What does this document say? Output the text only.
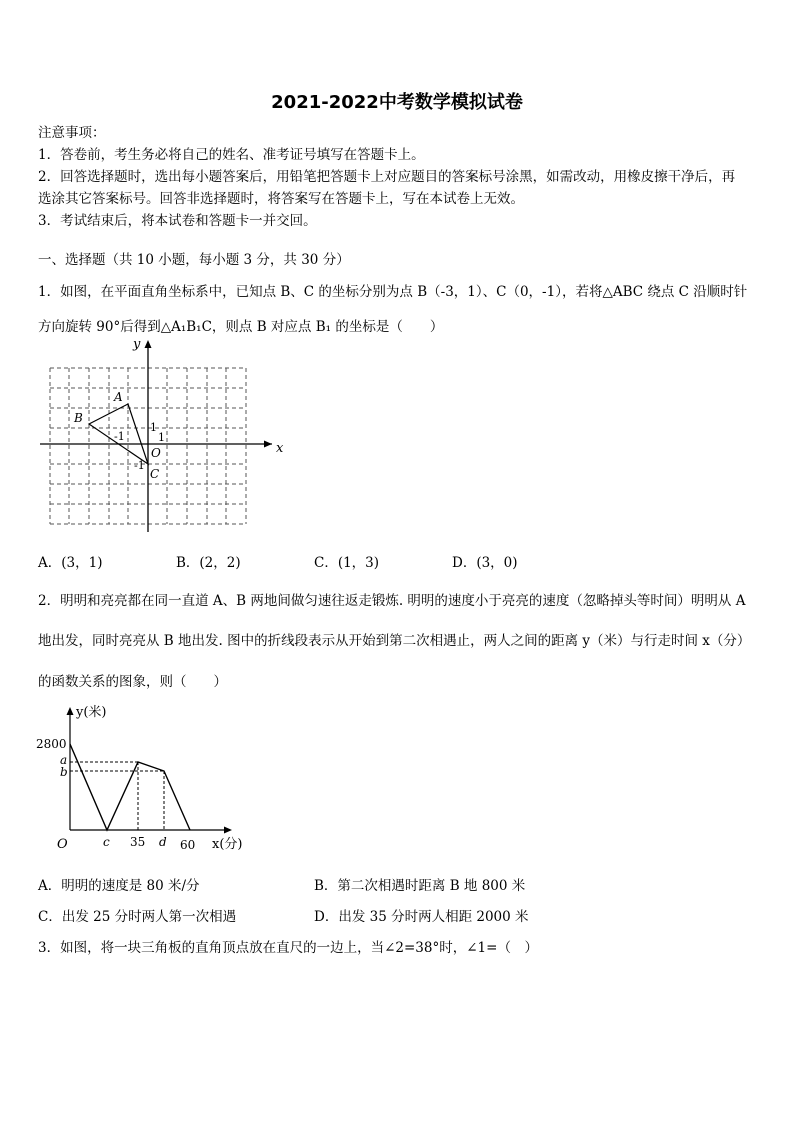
2021-2022中考数学模拟试卷
注意事项：
1．答卷前，考生务必将自己的姓名、准考证号填写在答题卡上。
2．回答选择题时，选出每小题答案后，用铅笔把答题卡上对应题目的答案标号涂黑，如需改动，用橡皮擦干净后，再
选涂其它答案标号。回答非选择题时，将答案写在答题卡上，写在本试卷上无效。
3．考试结束后，将本试卷和答题卡一并交回。
一、选择题（共 10 小题，每小题 3 分，共 30 分）
1．如图，在平面直角坐标系中，已知点 B、C 的坐标分别为点 B（-3，1）、C（0，-1），若将△ABC 绕点 C 沿顺时针
方向旋转 90°后得到△A₁B₁C，则点 B 对应点 B₁ 的坐标是（　　）
x
y
A
B
C
O
1
1
-1
-1
A．(3，1)	B．(2，2)	C．(1，3)	D．(3，0)
2．明明和亮亮都在同一直道 A、B 两地间做匀速往返走锻炼. 明明的速度小于亮亮的速度（忽略掉头等时间）明明从 A
地出发，同时亮亮从 B 地出发. 图中的折线段表示从开始到第二次相遇止，两人之间的距离 y（米）与行走时间 x（分）
的函数关系的图象，则（　　）
y(米)
x(分)
2800
a
b
O	c 35 d 60
A．明明的速度是 80 米/分	B．第二次相遇时距离 B 地 800 米
C．出发 25 分时两人第一次相遇	D．出发 35 分时两人相距 2000 米
3．如图，将一块三角板的直角顶点放在直尺的一边上，当∠2=38°时，∠1=（　）
